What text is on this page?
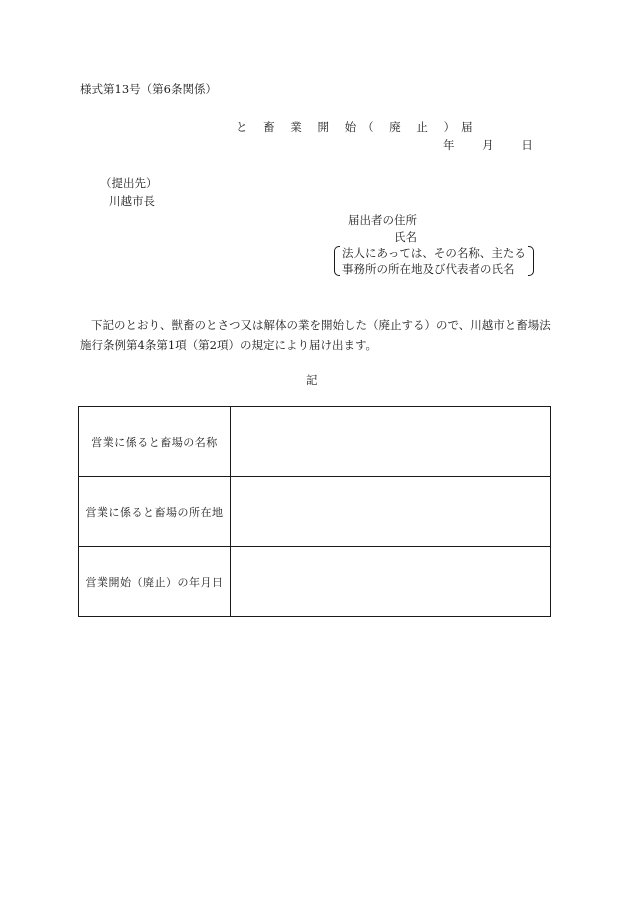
様式第13号（第6条関係）
と 畜 業 開 始（ 廃 止 ）届
年 月 日
（提出先）
川越市長
届出者の住所
氏名
法人にあっては、その名称、主たる
事務所の所在地及び代表者の氏名
下記のとおり、獣畜のとさつ又は解体の業を開始した（廃止する）ので、川越市と畜場法
施行条例第4条第1項（第2項）の規定により届け出ます。
記
営業に係ると畜場の名称	
営業に係ると畜場の所在地	
営業開始（廃止）の年月日	
